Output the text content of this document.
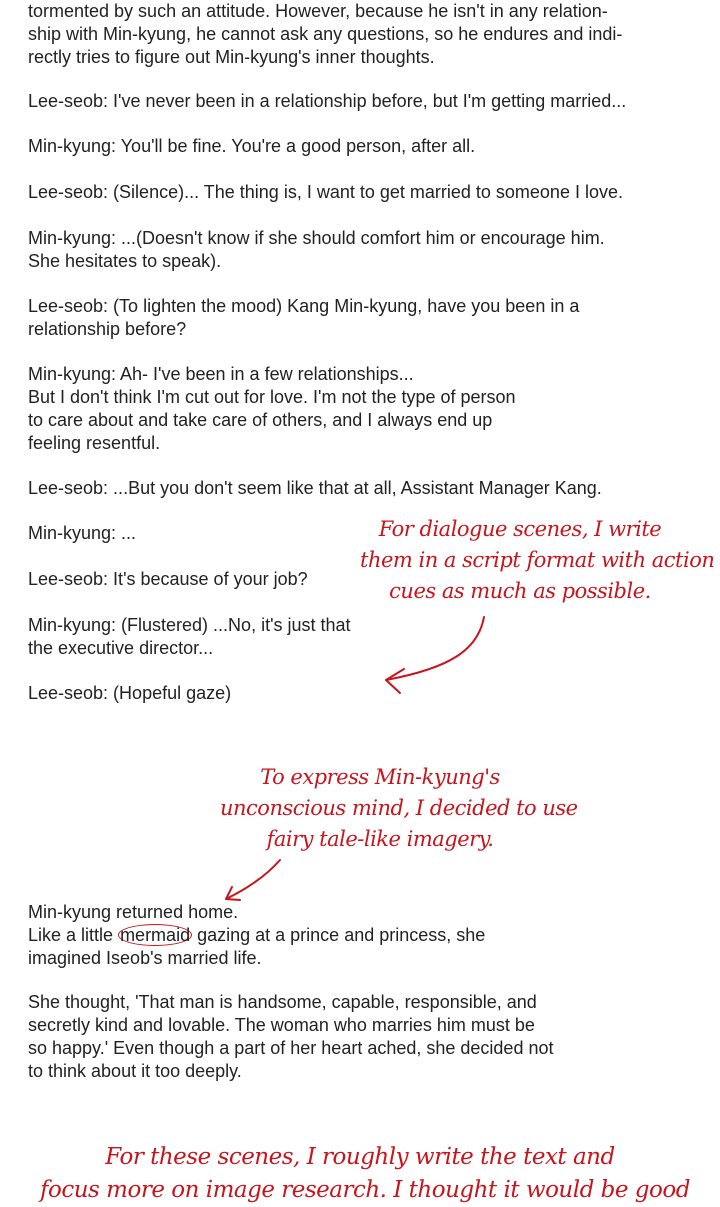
tormented by such an attitude. However, because he isn't in any relation-
ship with Min-kyung, he cannot ask any questions, so he endures and indi-
rectly tries to figure out Min-kyung's inner thoughts.

Lee-seob: I've never been in a relationship before, but I'm getting married...

Min-kyung: You'll be fine. You're a good person, after all.

Lee-seob: (Silence)... The thing is, I want to get married to someone I love.

Min-kyung: ...(Doesn't know if she should comfort him or encourage him.
She hesitates to speak).

Lee-seob: (To lighten the mood) Kang Min-kyung, have you been in a
relationship before?

Min-kyung: Ah- I've been in a few relationships...
But I don't think I'm cut out for love. I'm not the type of person
to care about and take care of others, and I always end up
feeling resentful.

Lee-seob: ...But you don't seem like that at all, Assistant Manager Kang.

Min-kyung: ...

Lee-seob: It's because of your job?

Min-kyung: (Flustered) ...No, it's just that
the executive director...

Lee-seob: (Hopeful gaze)

Min-kyung returned home.
Like a little mermaid gazing at a prince and princess, she
imagined Iseob's married life.

She thought, 'That man is handsome, capable, responsible, and
secretly kind and lovable. The woman who marries him must be
so happy.' Even though a part of her heart ached, she decided not
to think about it too deeply.

For dialogue scenes, I write
them in a script format with action
cues as much as possible.
To express Min-kyung's
unconscious mind, I decided to use
fairy tale-like imagery.
For these scenes, I roughly write the text and
focus more on image research. I thought it would be good
